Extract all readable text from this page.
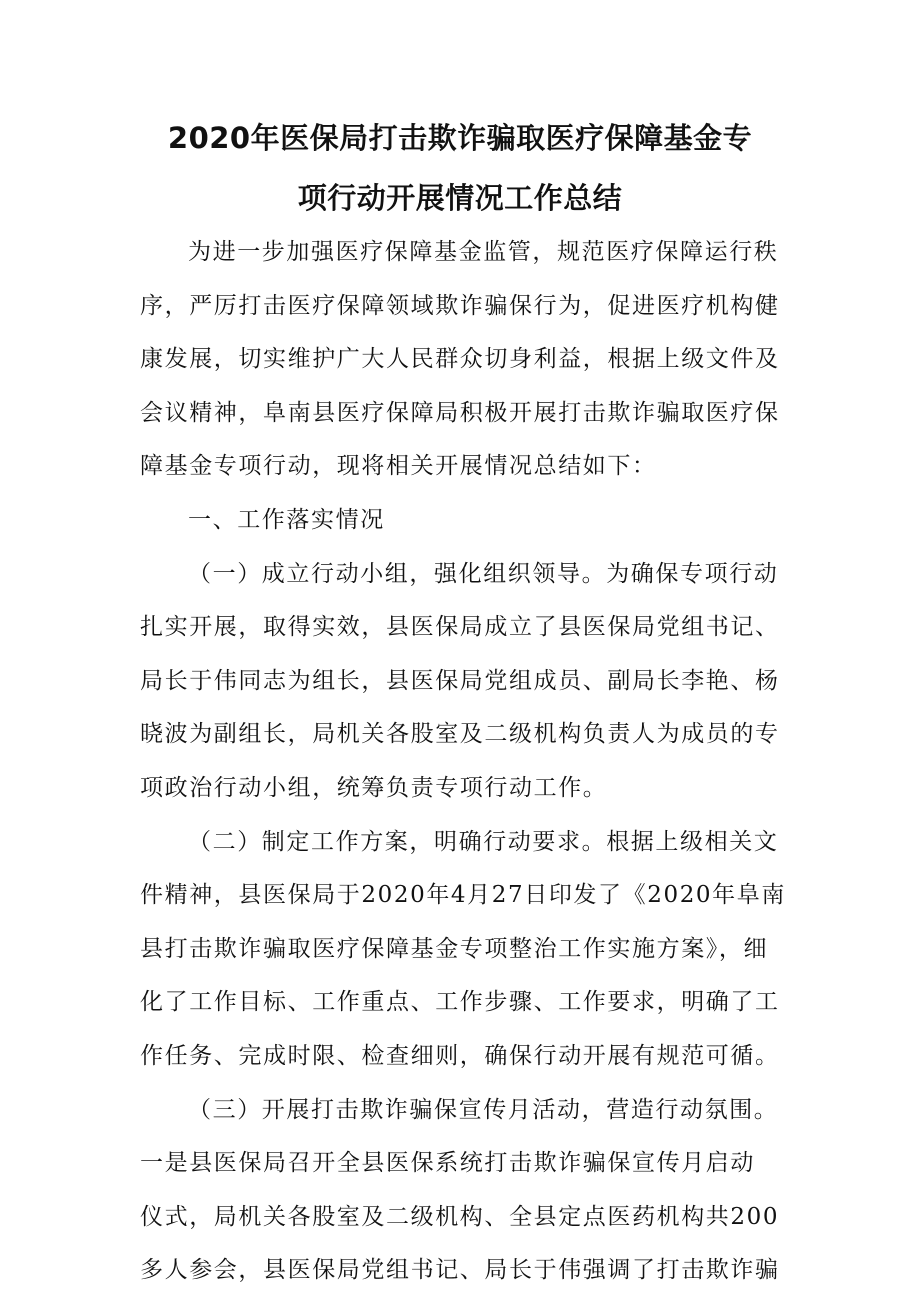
2020年医保局打击欺诈骗取医疗保障基金专
项行动开展情况工作总结
为进一步加强医疗保障基金监管，规范医疗保障运行秩
序，严厉打击医疗保障领域欺诈骗保行为，促进医疗机构健
康发展，切实维护广大人民群众切身利益，根据上级文件及
会议精神，阜南县医疗保障局积极开展打击欺诈骗取医疗保
障基金专项行动，现将相关开展情况总结如下：
一、工作落实情况
（一）成立行动小组，强化组织领导。为确保专项行动
扎实开展，取得实效，县医保局成立了县医保局党组书记、
局长于伟同志为组长，县医保局党组成员、副局长李艳、杨
晓波为副组长，局机关各股室及二级机构负责人为成员的专
项政治行动小组，统筹负责专项行动工作。
（二）制定工作方案，明确行动要求。根据上级相关文
件精神，县医保局于2020年4月27日印发了《2020年阜南
县打击欺诈骗取医疗保障基金专项整治工作实施方案》，细
化了工作目标、工作重点、工作步骤、工作要求，明确了工
作任务、完成时限、检查细则，确保行动开展有规范可循。
（三）开展打击欺诈骗保宣传月活动，营造行动氛围。
一是县医保局召开全县医保系统打击欺诈骗保宣传月启动
仪式，局机关各股室及二级机构、全县定点医药机构共200
多人参会，县医保局党组书记、局长于伟强调了打击欺诈骗
